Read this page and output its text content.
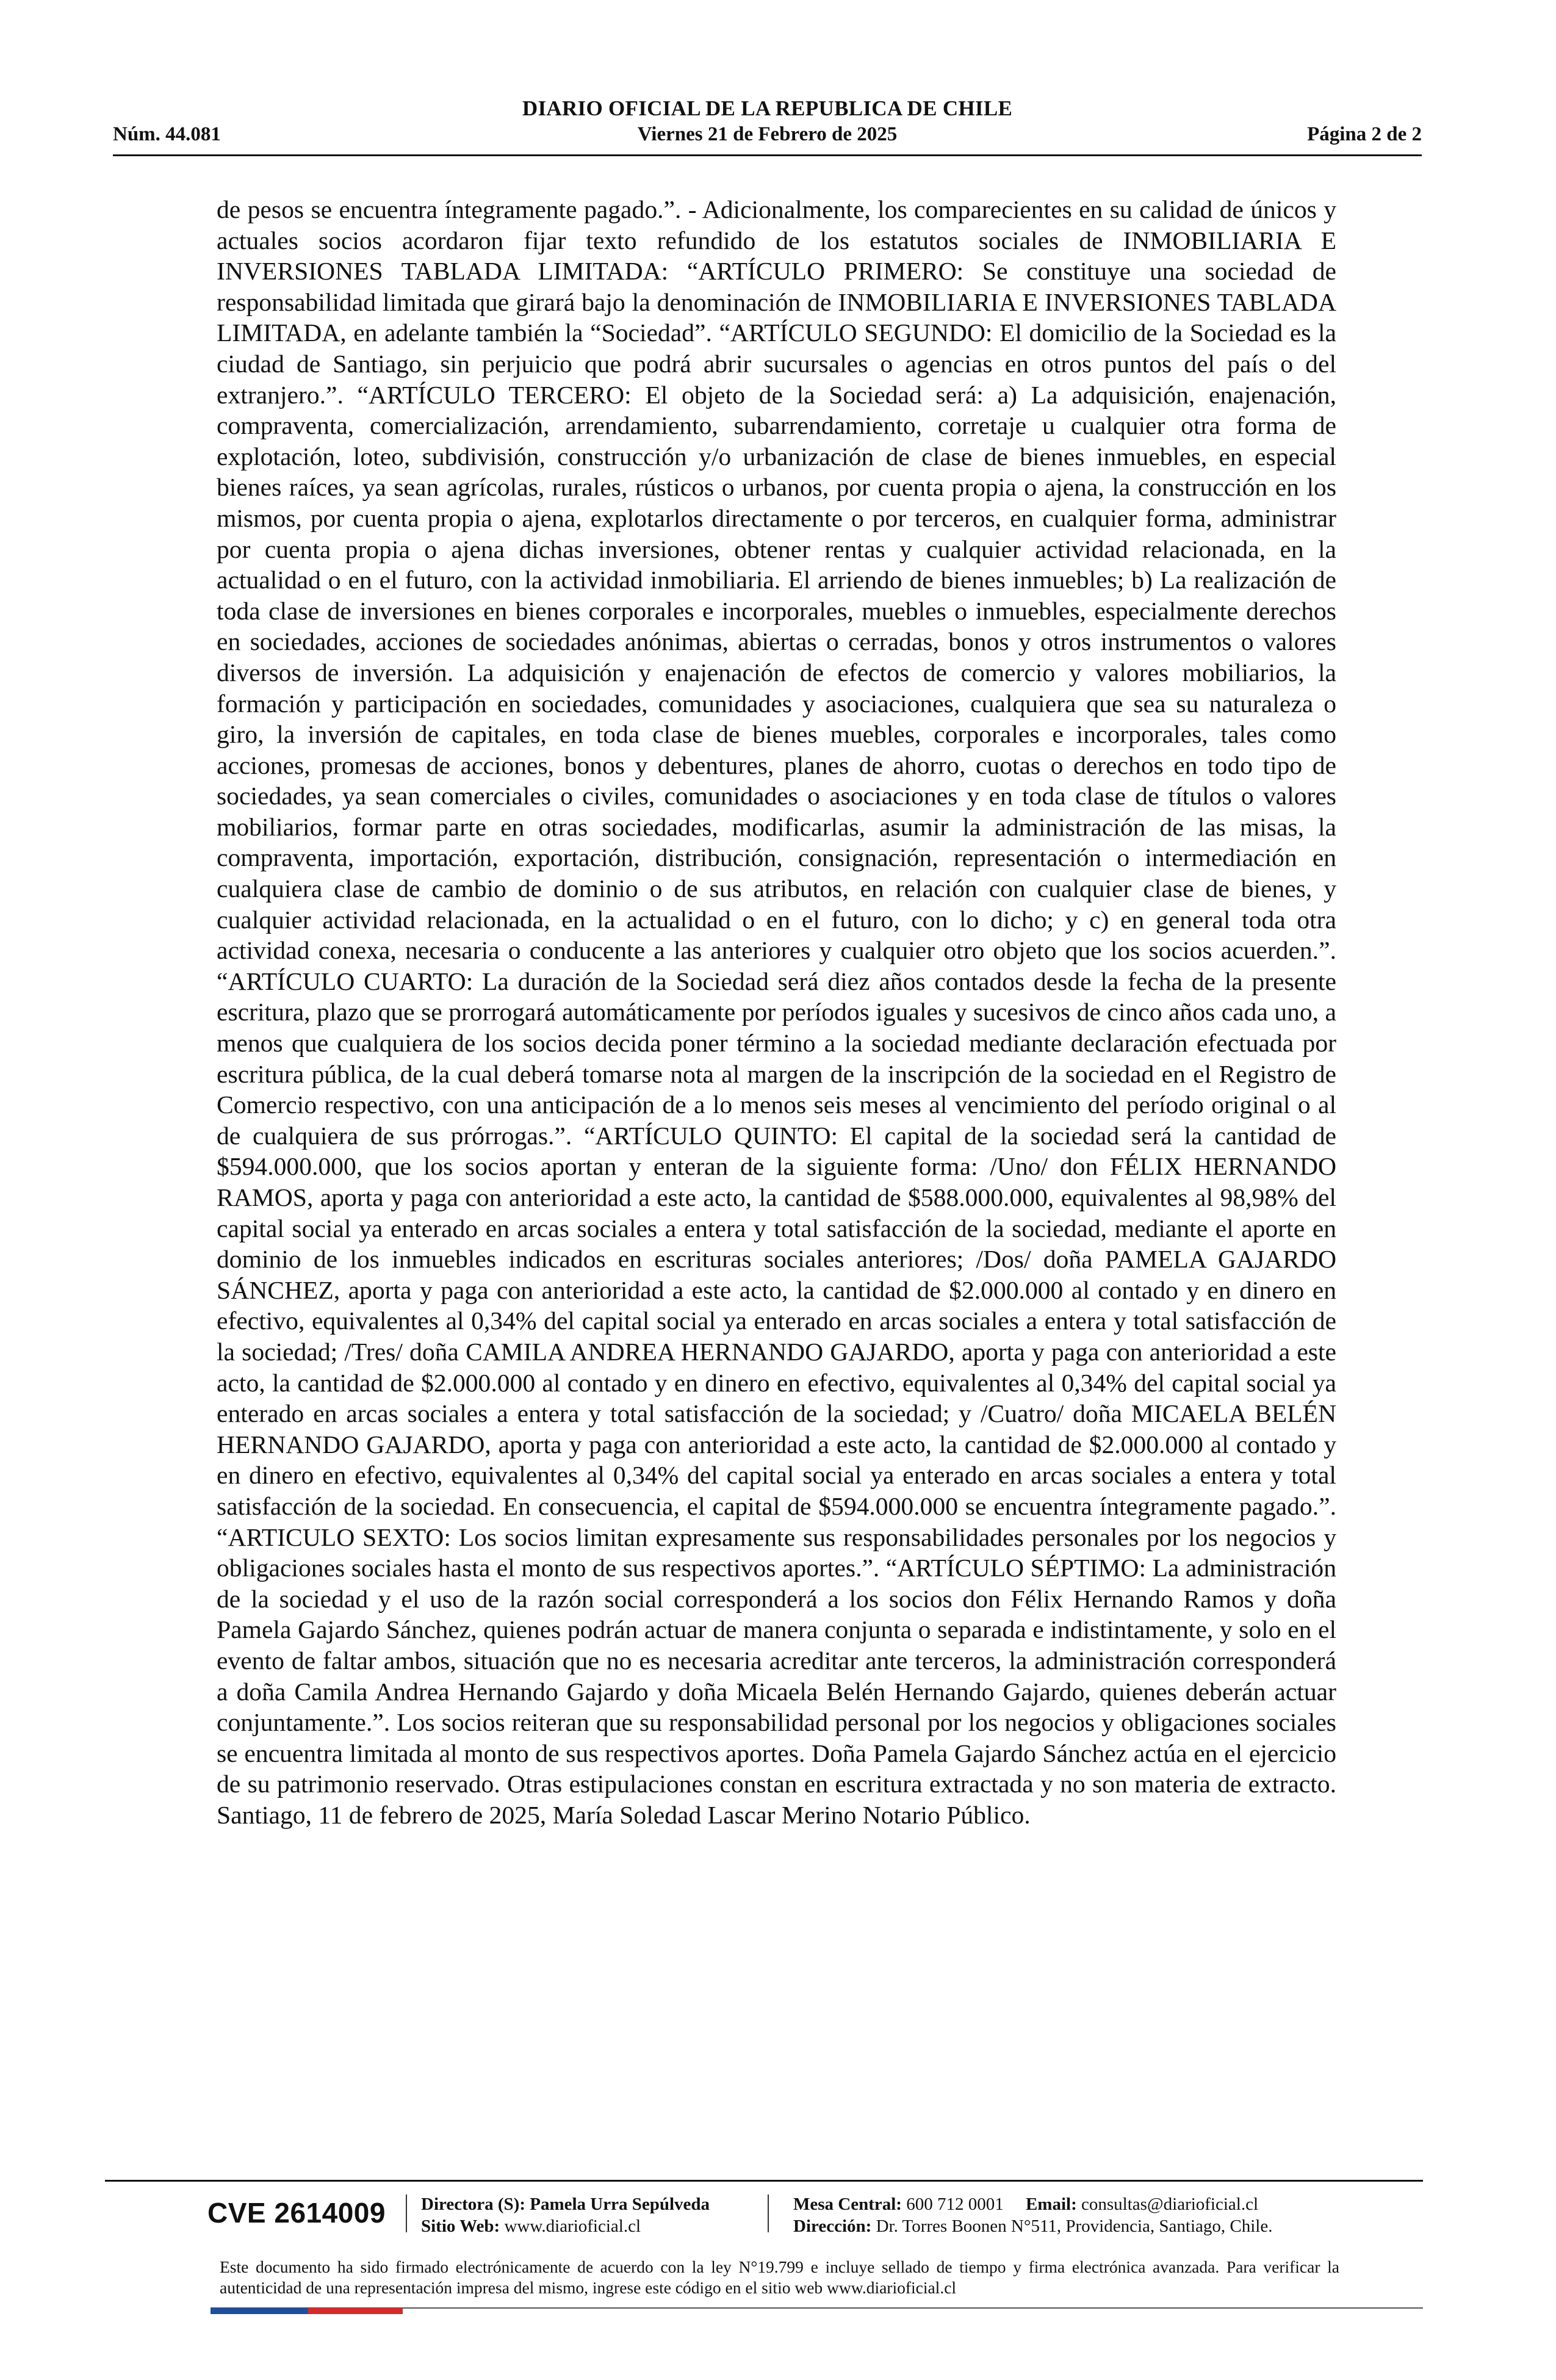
DIARIO OFICIAL DE LA REPUBLICA DE CHILE
Núm. 44.081	Viernes 21 de Febrero de 2025	Página 2 de 2

de pesos se encuentra íntegramente pagado.”. - Adicionalmente, los comparecientes en su calidad de únicos y actuales socios acordaron fijar texto refundido de los estatutos sociales de INMOBILIARIA E INVERSIONES TABLADA LIMITADA: “ARTÍCULO PRIMERO: Se constituye una sociedad de responsabilidad limitada que girará bajo la denominación de INMOBILIARIA E INVERSIONES TABLADA LIMITADA, en adelante también la “Sociedad”. “ARTÍCULO SEGUNDO: El domicilio de la Sociedad es la ciudad de Santiago, sin perjuicio que podrá abrir sucursales o agencias en otros puntos del país o del extranjero.”. “ARTÍCULO TERCERO: El objeto de la Sociedad será: a) La adquisición, enajenación, compraventa, comercialización, arrendamiento, subarrendamiento, corretaje u cualquier otra forma de explotación, loteo, subdivisión, construcción y/o urbanización de clase de bienes inmuebles, en especial bienes raíces, ya sean agrícolas, rurales, rústicos o urbanos, por cuenta propia o ajena, la construcción en los mismos, por cuenta propia o ajena, explotarlos directamente o por terceros, en cualquier forma, administrar por cuenta propia o ajena dichas inversiones, obtener rentas y cualquier actividad relacionada, en la actualidad o en el futuro, con la actividad inmobiliaria. El arriendo de bienes inmuebles; b) La realización de toda clase de inversiones en bienes corporales e incorporales, muebles o inmuebles, especialmente derechos en sociedades, acciones de sociedades anónimas, abiertas o cerradas, bonos y otros instrumentos o valores diversos de inversión. La adquisición y enajenación de efectos de comercio y valores mobiliarios, la formación y participación en sociedades, comunidades y asociaciones, cualquiera que sea su naturaleza o giro, la inversión de capitales, en toda clase de bienes muebles, corporales e incorporales, tales como acciones, promesas de acciones, bonos y debentures, planes de ahorro, cuotas o derechos en todo tipo de sociedades, ya sean comerciales o civiles, comunidades o asociaciones y en toda clase de títulos o valores mobiliarios, formar parte en otras sociedades, modificarlas, asumir la administración de las misas, la compraventa, importación, exportación, distribución, consignación, representación o intermediación en cualquiera clase de cambio de dominio o de sus atributos, en relación con cualquier clase de bienes, y cualquier actividad relacionada, en la actualidad o en el futuro, con lo dicho; y c) en general toda otra actividad conexa, necesaria o conducente a las anteriores y cualquier otro objeto que los socios acuerden.”. “ARTÍCULO CUARTO: La duración de la Sociedad será diez años contados desde la fecha de la presente escritura, plazo que se prorrogará automáticamente por períodos iguales y sucesivos de cinco años cada uno, a menos que cualquiera de los socios decida poner término a la sociedad mediante declaración efectuada por escritura pública, de la cual deberá tomarse nota al margen de la inscripción de la sociedad en el Registro de Comercio respectivo, con una anticipación de a lo menos seis meses al vencimiento del período original o al de cualquiera de sus prórrogas.”. “ARTÍCULO QUINTO: El capital de la sociedad será la cantidad de $594.000.000, que los socios aportan y enteran de la siguiente forma: /Uno/ don FÉLIX HERNANDO RAMOS, aporta y paga con anterioridad a este acto, la cantidad de $588.000.000, equivalentes al 98,98% del capital social ya enterado en arcas sociales a entera y total satisfacción de la sociedad, mediante el aporte en dominio de los inmuebles indicados en escrituras sociales anteriores; /Dos/ doña PAMELA GAJARDO SÁNCHEZ, aporta y paga con anterioridad a este acto, la cantidad de $2.000.000 al contado y en dinero en efectivo, equivalentes al 0,34% del capital social ya enterado en arcas sociales a entera y total satisfacción de la sociedad; /Tres/ doña CAMILA ANDREA HERNANDO GAJARDO, aporta y paga con anterioridad a este acto, la cantidad de $2.000.000 al contado y en dinero en efectivo, equivalentes al 0,34% del capital social ya enterado en arcas sociales a entera y total satisfacción de la sociedad; y /Cuatro/ doña MICAELA BELÉN HERNANDO GAJARDO, aporta y paga con anterioridad a este acto, la cantidad de $2.000.000 al contado y en dinero en efectivo, equivalentes al 0,34% del capital social ya enterado en arcas sociales a entera y total satisfacción de la sociedad. En consecuencia, el capital de $594.000.000 se encuentra íntegramente pagado.”. “ARTICULO SEXTO: Los socios limitan expresamente sus responsabilidades personales por los negocios y obligaciones sociales hasta el monto de sus respectivos aportes.”. “ARTÍCULO SÉPTIMO: La administración de la sociedad y el uso de la razón social corresponderá a los socios don Félix Hernando Ramos y doña Pamela Gajardo Sánchez, quienes podrán actuar de manera conjunta o separada e indistintamente, y solo en el evento de faltar ambos, situación que no es necesaria acreditar ante terceros, la administración corresponderá a doña Camila Andrea Hernando Gajardo y doña Micaela Belén Hernando Gajardo, quienes deberán actuar conjuntamente.”. Los socios reiteran que su responsabilidad personal por los negocios y obligaciones sociales se encuentra limitada al monto de sus respectivos aportes. Doña Pamela Gajardo Sánchez actúa en el ejercicio de su patrimonio reservado. Otras estipulaciones constan en escritura extractada y no son materia de extracto. Santiago, 11 de febrero de 2025, María Soledad Lascar Merino Notario Público.

CVE 2614009	Directora (S): Pamela Urra Sepúlveda
Sitio Web: www.diarioficial.cl
Mesa Central: 600 712 0001 Email: consultas@diarioficial.cl
Dirección: Dr. Torres Boonen N°511, Providencia, Santiago, Chile.
Este documento ha sido firmado electrónicamente de acuerdo con la ley N°19.799 e incluye sellado de tiempo y firma electrónica avanzada. Para verificar la autenticidad de una representación impresa del mismo, ingrese este código en el sitio web www.diarioficial.cl
